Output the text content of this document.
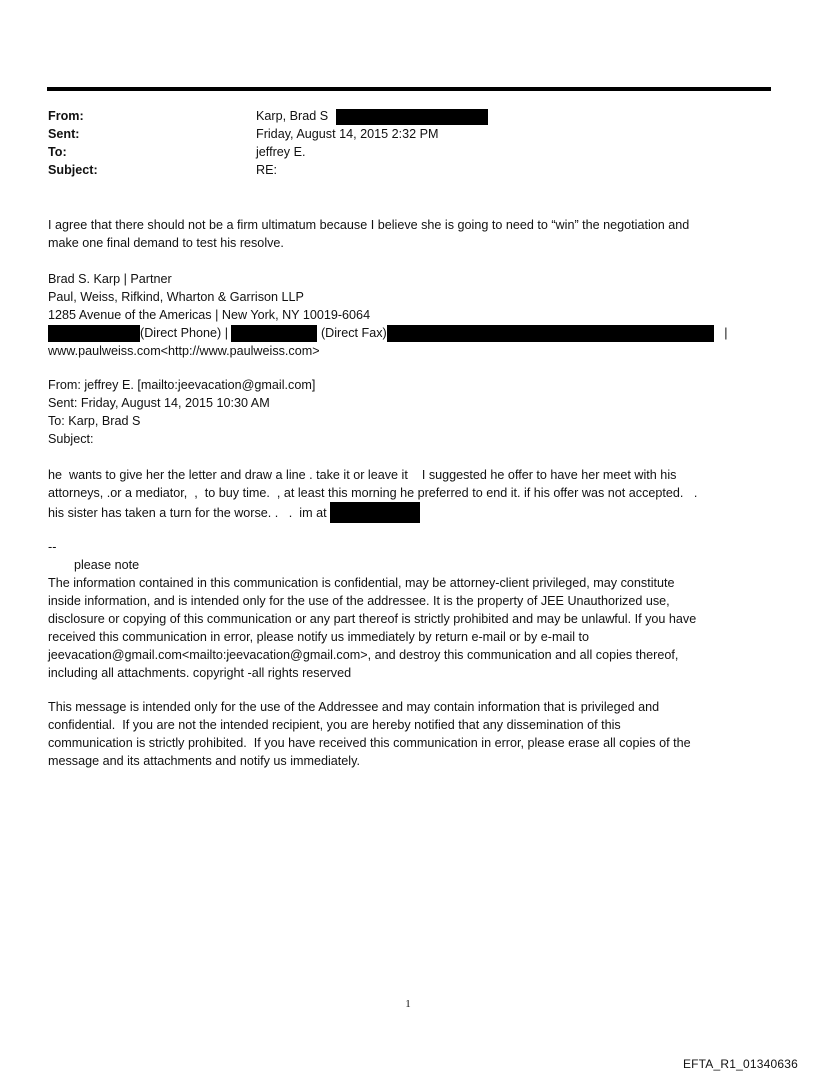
From:	Karp, Brad S
Sent:	Friday, August 14, 2015 2:32 PM
To:	jeffrey E.
Subject:	RE:
I agree that there should not be a firm ultimatum because I believe she is going to need to “win” the negotiation and
make one final demand to test his resolve.
Brad S. Karp | Partner
Paul, Weiss, Rifkind, Wharton & Garrison LLP
1285 Avenue of the Americas | New York, NY 10019-6064
(Direct Phone) |	(Direct Fax)	|
www.paulweiss.com<http://www.paulweiss.com>
From: jeffrey E. [mailto:jeevacation@gmail.com]
Sent: Friday, August 14, 2015 10:30 AM
To: Karp, Brad S
Subject:
he  wants to give her the letter and draw a line . take it or leave it    I suggested he offer to have her meet with his
attorneys, .or a mediator,  ,  to buy time.  , at least this morning he preferred to end it. if his offer was not accepted.   .
his sister has taken a turn for the worse. .   .  im at
--
please note
The information contained in this communication is confidential, may be attorney-client privileged, may constitute
inside information, and is intended only for the use of the addressee. It is the property of JEE Unauthorized use,
disclosure or copying of this communication or any part thereof is strictly prohibited and may be unlawful. If you have
received this communication in error, please notify us immediately by return e-mail or by e-mail to
jeevacation@gmail.com<mailto:jeevacation@gmail.com>, and destroy this communication and all copies thereof,
including all attachments. copyright -all rights reserved
This message is intended only for the use of the Addressee and may contain information that is privileged and
confidential.  If you are not the intended recipient, you are hereby notified that any dissemination of this
communication is strictly prohibited.  If you have received this communication in error, please erase all copies of the
message and its attachments and notify us immediately.
1
EFTA_R1_01340636
